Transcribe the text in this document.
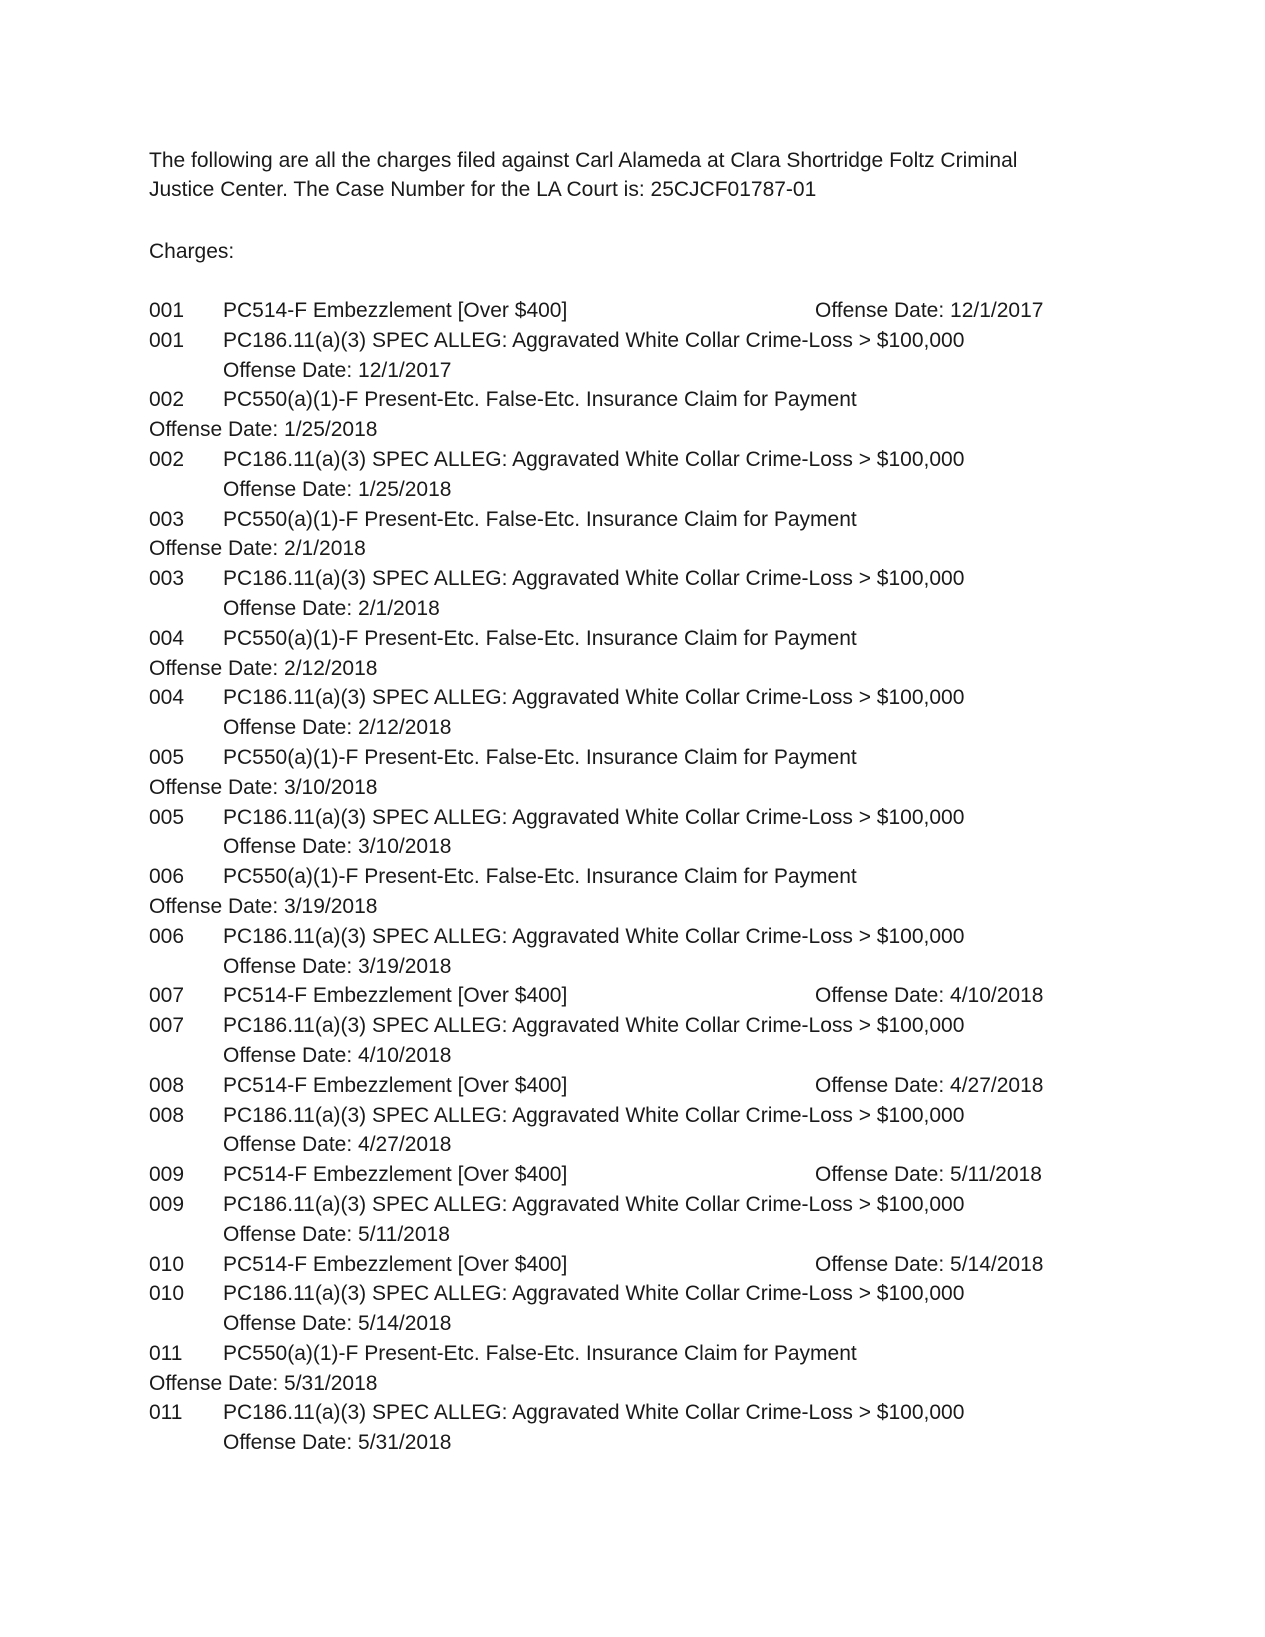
The following are all the charges filed against Carl Alameda at Clara Shortridge Foltz Criminal

Justice Center. The Case Number for the LA Court is: 25CJCF01787-01

Charges:

001 PC514-F Embezzlement [Over $400]	Offense Date: 12/1/2017
001 PC186.11(a)(3) SPEC ALLEG: Aggravated White Collar Crime-Loss > $100,000
Offense Date: 12/1/2017
002 PC550(a)(1)-F Present-Etc. False-Etc. Insurance Claim for Payment
Offense Date: 1/25/2018
002 PC186.11(a)(3) SPEC ALLEG: Aggravated White Collar Crime-Loss > $100,000
Offense Date: 1/25/2018
003 PC550(a)(1)-F Present-Etc. False-Etc. Insurance Claim for Payment
Offense Date: 2/1/2018
003 PC186.11(a)(3) SPEC ALLEG: Aggravated White Collar Crime-Loss > $100,000
Offense Date: 2/1/2018
004 PC550(a)(1)-F Present-Etc. False-Etc. Insurance Claim for Payment
Offense Date: 2/12/2018
004 PC186.11(a)(3) SPEC ALLEG: Aggravated White Collar Crime-Loss > $100,000
Offense Date: 2/12/2018
005 PC550(a)(1)-F Present-Etc. False-Etc. Insurance Claim for Payment
Offense Date: 3/10/2018
005 PC186.11(a)(3) SPEC ALLEG: Aggravated White Collar Crime-Loss > $100,000
Offense Date: 3/10/2018
006 PC550(a)(1)-F Present-Etc. False-Etc. Insurance Claim for Payment
Offense Date: 3/19/2018
006 PC186.11(a)(3) SPEC ALLEG: Aggravated White Collar Crime-Loss > $100,000
Offense Date: 3/19/2018
007 PC514-F Embezzlement [Over $400]	Offense Date: 4/10/2018
007 PC186.11(a)(3) SPEC ALLEG: Aggravated White Collar Crime-Loss > $100,000
Offense Date: 4/10/2018
008 PC514-F Embezzlement [Over $400]	Offense Date: 4/27/2018
008 PC186.11(a)(3) SPEC ALLEG: Aggravated White Collar Crime-Loss > $100,000
Offense Date: 4/27/2018
009 PC514-F Embezzlement [Over $400]	Offense Date: 5/11/2018
009 PC186.11(a)(3) SPEC ALLEG: Aggravated White Collar Crime-Loss > $100,000
Offense Date: 5/11/2018
010 PC514-F Embezzlement [Over $400]	Offense Date: 5/14/2018
010 PC186.11(a)(3) SPEC ALLEG: Aggravated White Collar Crime-Loss > $100,000
Offense Date: 5/14/2018
011 PC550(a)(1)-F Present-Etc. False-Etc. Insurance Claim for Payment
Offense Date: 5/31/2018
011 PC186.11(a)(3) SPEC ALLEG: Aggravated White Collar Crime-Loss > $100,000
Offense Date: 5/31/2018
